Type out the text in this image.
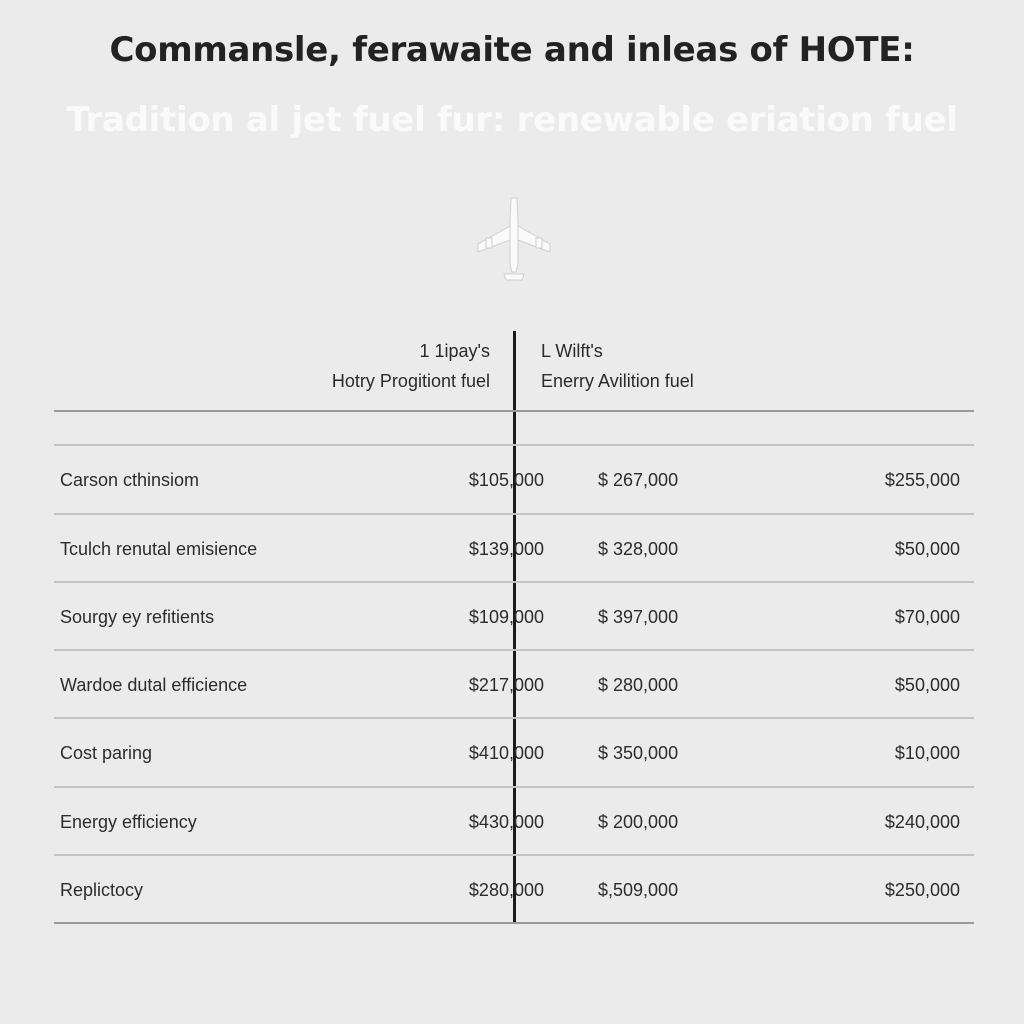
Commansle, ferawaite and inleas of HOTE:
Tradition al jet fuel fur: renewable eriation fuel
1 1ipay's
Hotry Progitiont fuel
L Wilft's
Enerry Avilition fuel
Carson cthinsiom	$105,000	$ 267,000	$255,000
Tculch renutal emisience	$139,000	$ 328,000	$50,000
Sourgy ey refitients	$109,000	$ 397,000	$70,000
Wardoe dutal efficience	$217,000	$ 280,000	$50,000
Cost paring	$410,000	$ 350,000	$10,000
Energy efficiency	$430,000	$ 200,000	$240,000
Replictocy	$280,000	$,509,000	$250,000
